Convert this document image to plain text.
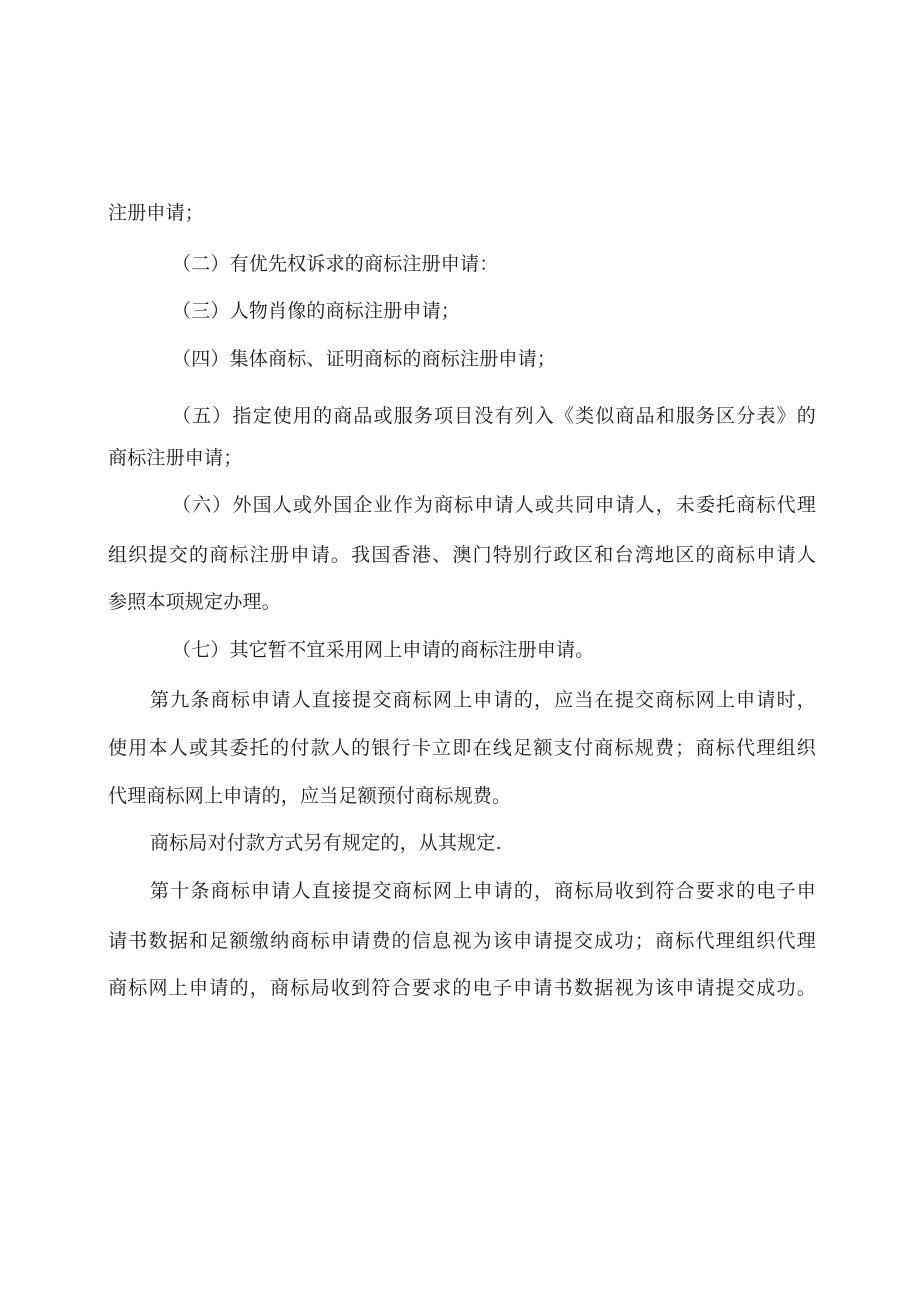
注册申请；
（二）有优先权诉求的商标注册申请：
（三）人物肖像的商标注册申请；
（四）集体商标、证明商标的商标注册申请；
（五）指定使用的商品或服务项目没有列入《类似商品和服务区分表》的
商标注册申请；
（六）外国人或外国企业作为商标申请人或共同申请人，未委托商标代理
组织提交的商标注册申请。我国香港、澳门特别行政区和台湾地区的商标申请人
参照本项规定办理。
（七）其它暂不宜采用网上申请的商标注册申请。
第九条商标申请人直接提交商标网上申请的，应当在提交商标网上申请时，
使用本人或其委托的付款人的银行卡立即在线足额支付商标规费；商标代理组织
代理商标网上申请的，应当足额预付商标规费。
商标局对付款方式另有规定的，从其规定.
第十条商标申请人直接提交商标网上申请的，商标局收到符合要求的电子申
请书数据和足额缴纳商标申请费的信息视为该申请提交成功；商标代理组织代理
商标网上申请的，商标局收到符合要求的电子申请书数据视为该申请提交成功。
